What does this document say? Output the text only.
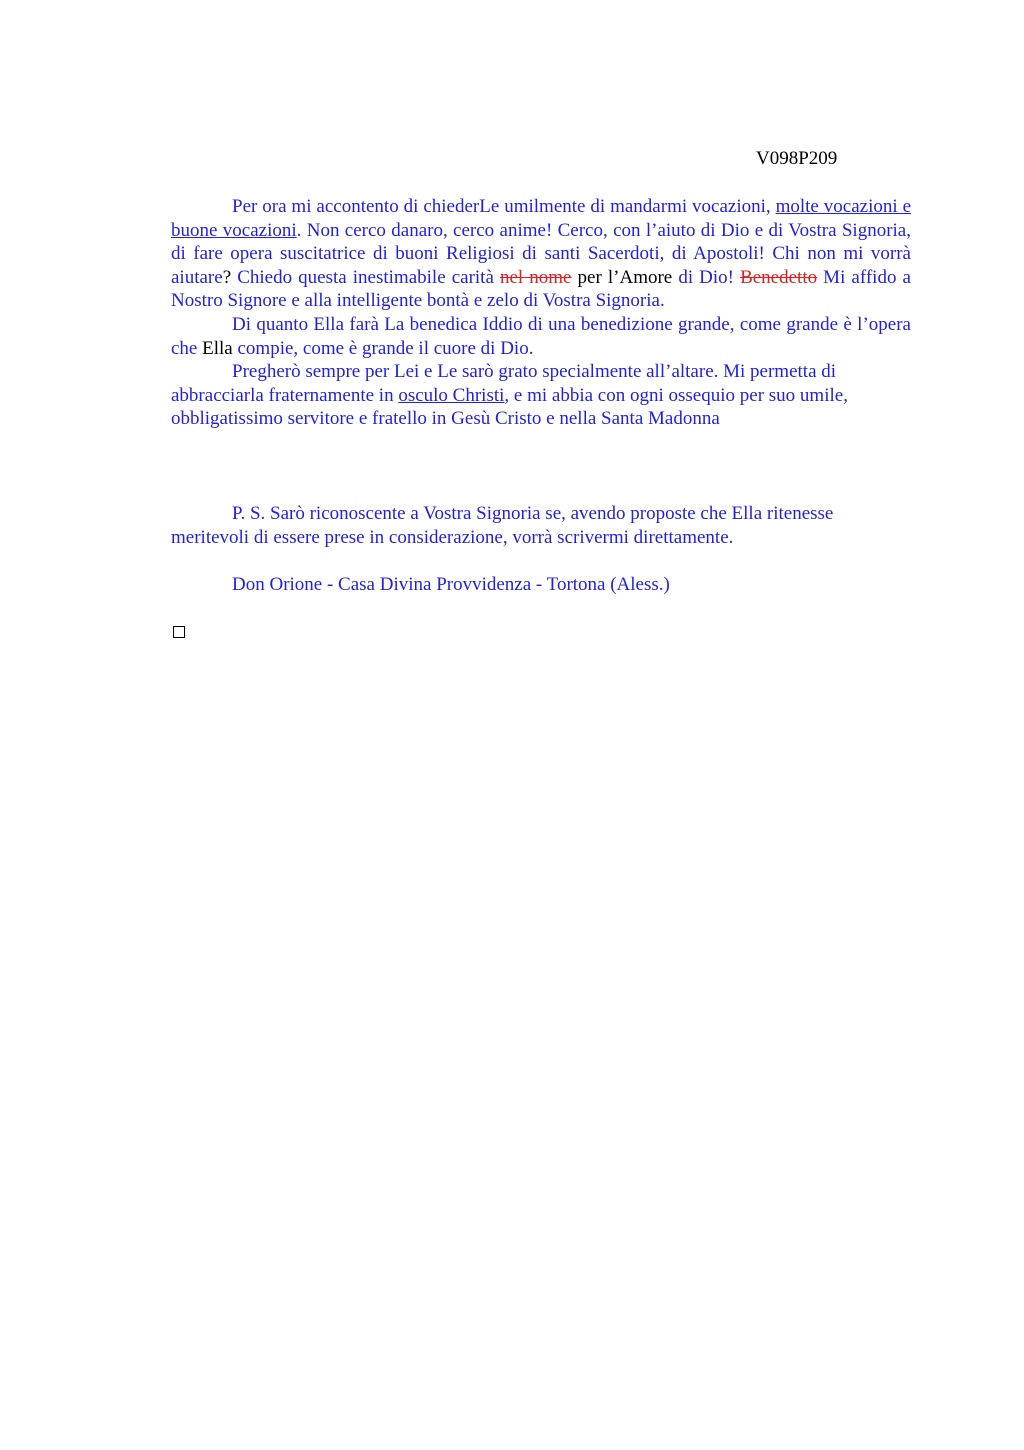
V098P209

Per ora mi accontento di chiederLe umilmente di mandarmi vocazioni, molte vocazioni e buone vocazioni. Non cerco danaro, cerco anime! Cerco, con l’aiuto di Dio e di Vostra Signoria, di fare opera suscitatrice di buoni Religiosi di santi Sacerdoti, di Apostoli! Chi non mi vorrà aiutare? Chiedo questa inestimabile carità nel nome per l’Amore di Dio! Benedetto Mi affido a Nostro Signore e alla intelligente bontà e zelo di Vostra Signoria.

Di quanto Ella farà La benedica Iddio di una benedizione grande, come grande è l’opera che Ella compie, come è grande il cuore di Dio.

Pregherò sempre per Lei e Le sarò grato specialmente all’altare. Mi permetta di abbracciarla fraternamente in osculo Christi, e mi abbia con ogni ossequio per suo umile, obbligatissimo servitore e fratello in Gesù Cristo e nella Santa Madonna

P. S. Sarò riconoscente a Vostra Signoria se, avendo proposte che Ella ritenesse meritevoli di essere prese in considerazione, vorrà scrivermi direttamente.

Don Orione - Casa Divina Provvidenza - Tortona (Aless.)
